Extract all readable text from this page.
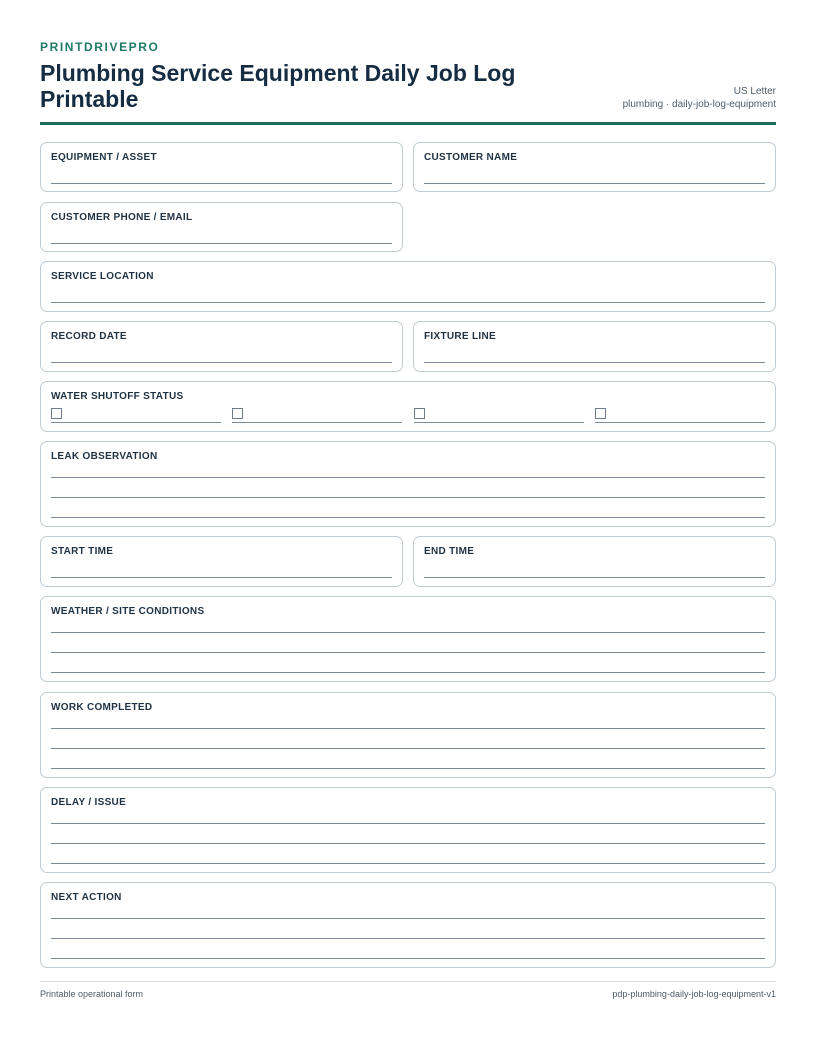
PRINTDRIVEPRO
Plumbing Service Equipment Daily Job Log Printable	US Letter
plumbing · daily-job-log-equipment
EQUIPMENT / ASSET	CUSTOMER NAME
CUSTOMER PHONE / EMAIL
SERVICE LOCATION
RECORD DATE	FIXTURE LINE
WATER SHUTOFF STATUS
LEAK OBSERVATION
START TIME	END TIME
WEATHER / SITE CONDITIONS
WORK COMPLETED
DELAY / ISSUE
NEXT ACTION
Printable operational form	pdp-plumbing-daily-job-log-equipment-v1
